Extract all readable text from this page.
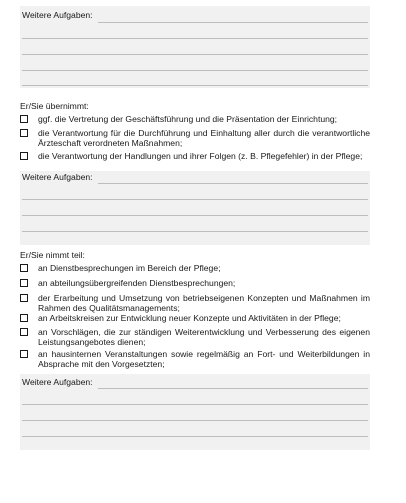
Weitere Aufgaben:
Er/Sie übernimmt:
ggf. die Vertretung der Geschäftsführung und die Präsentation der Einrichtung;
die Verantwortung für die Durchführung und Einhaltung aller durch die verantwortliche Ärzteschaft verordneten Maßnahmen;
die Verantwortung der Handlungen und ihrer Folgen (z. B. Pflegefehler) in der Pflege;
Weitere Aufgaben:
Er/Sie nimmt teil:
an Dienstbesprechungen im Bereich der Pflege;
an abteilungsübergreifenden Dienstbesprechungen;
der Erarbeitung und Umsetzung von betriebseigenen Konzepten und Maßnahmen im Rahmen des Qualitätsmanagements;
an Arbeitskreisen zur Entwicklung neuer Konzepte und Aktivitäten in der Pflege;
an Vorschlägen, die zur ständigen Weiterentwicklung und Verbesserung des eigenen Leistungsangebotes dienen;
an hausinternen Veranstaltungen sowie regelmäßig an Fort- und Weiterbildungen in Absprache mit den Vorgesetzten;
Weitere Aufgaben:
